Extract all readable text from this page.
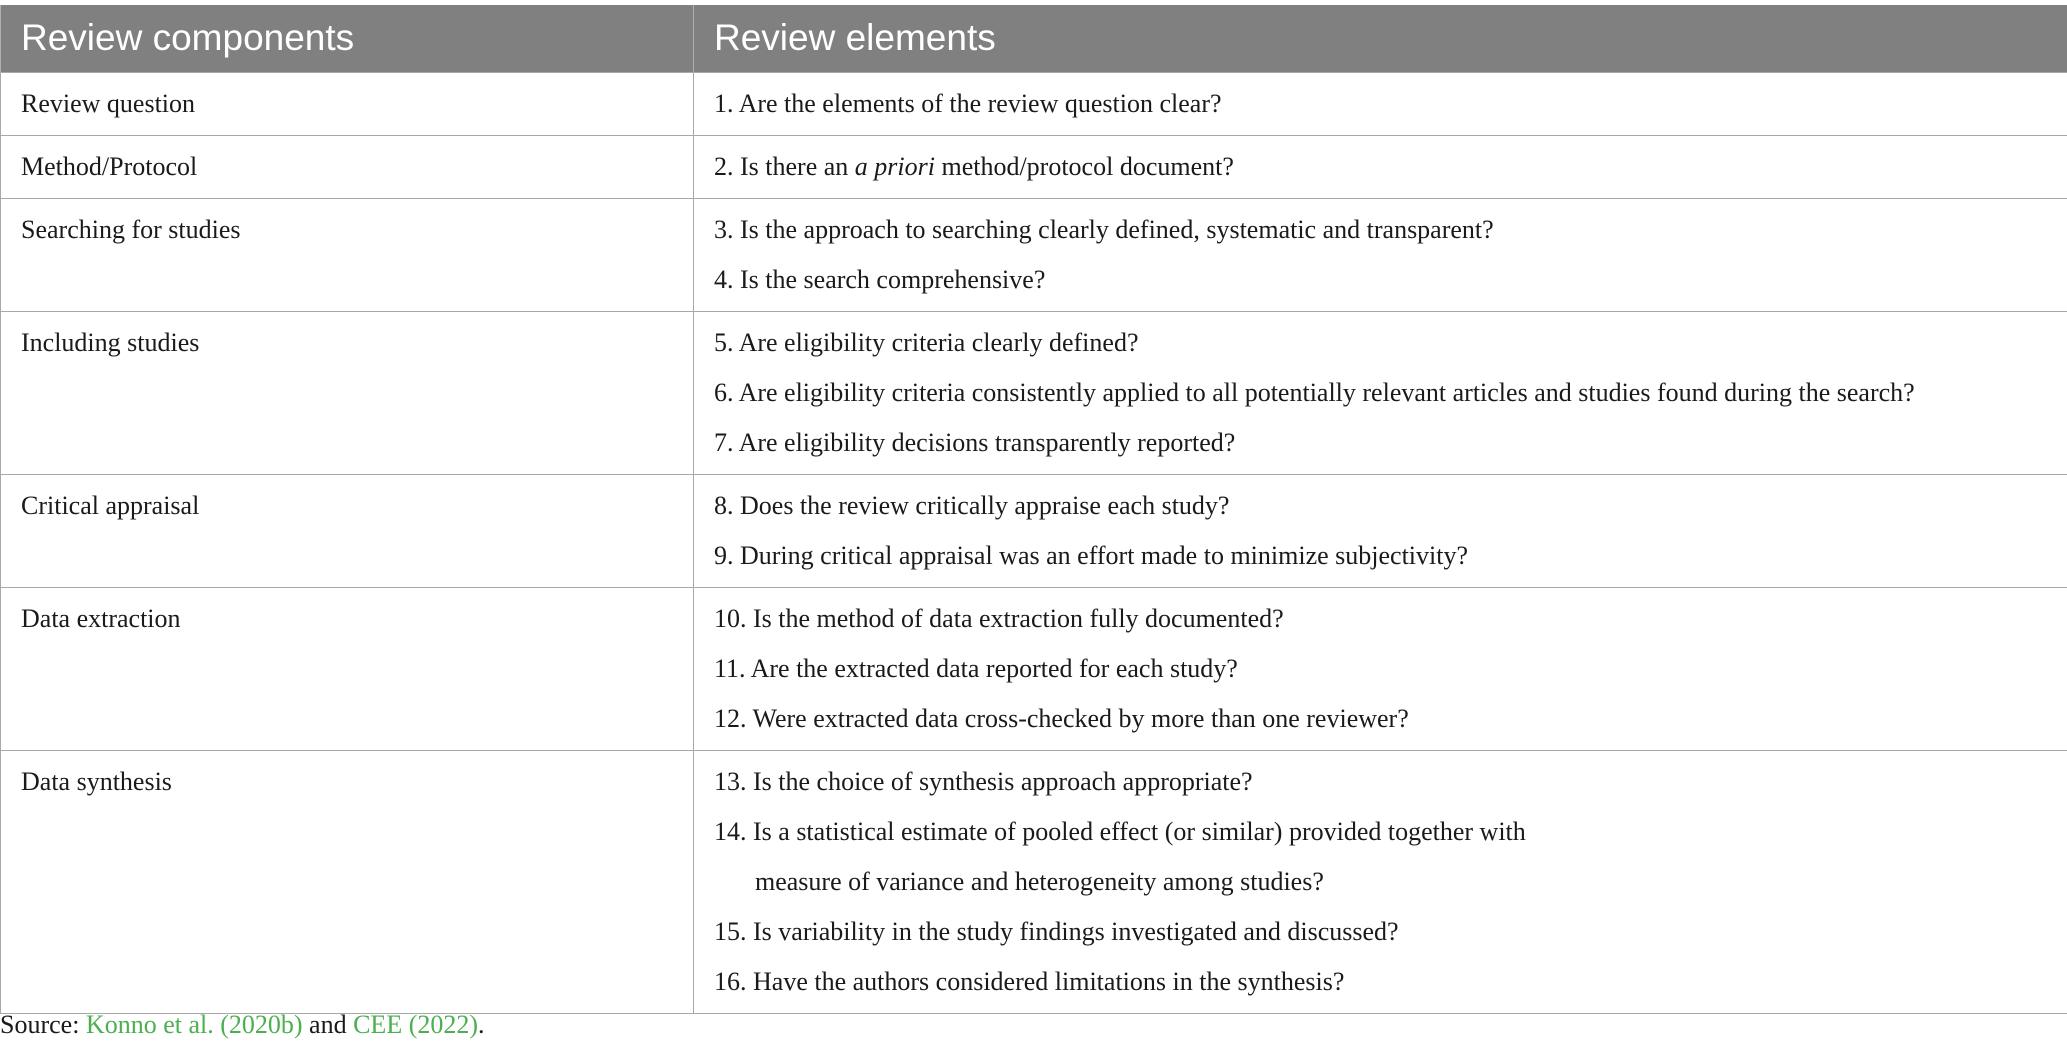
Review components	Review elements
Review question	1. Are the elements of the review question clear?

Method/Protocol	2. Is there an a priori method/protocol document?

Searching for studies	3. Is the approach to searching clearly defined, systematic and transparent?
4. Is the search comprehensive?

Including studies	5. Are eligibility criteria clearly defined?
6. Are eligibility criteria consistently applied to all potentially relevant articles and studies found during the search?
7. Are eligibility decisions transparently reported?

Critical appraisal	8. Does the review critically appraise each study?
9. During critical appraisal was an effort made to minimize subjectivity?

Data extraction	10. Is the method of data extraction fully documented?
11. Are the extracted data reported for each study?
12. Were extracted data cross-checked by more than one reviewer?

Data synthesis	13. Is the choice of synthesis approach appropriate?
14. Is a statistical estimate of pooled effect (or similar) provided together with
measure of variance and heterogeneity among studies?
15. Is variability in the study findings investigated and discussed?
16. Have the authors considered limitations in the synthesis?
Source: Konno et al. (2020b) and CEE (2022).
